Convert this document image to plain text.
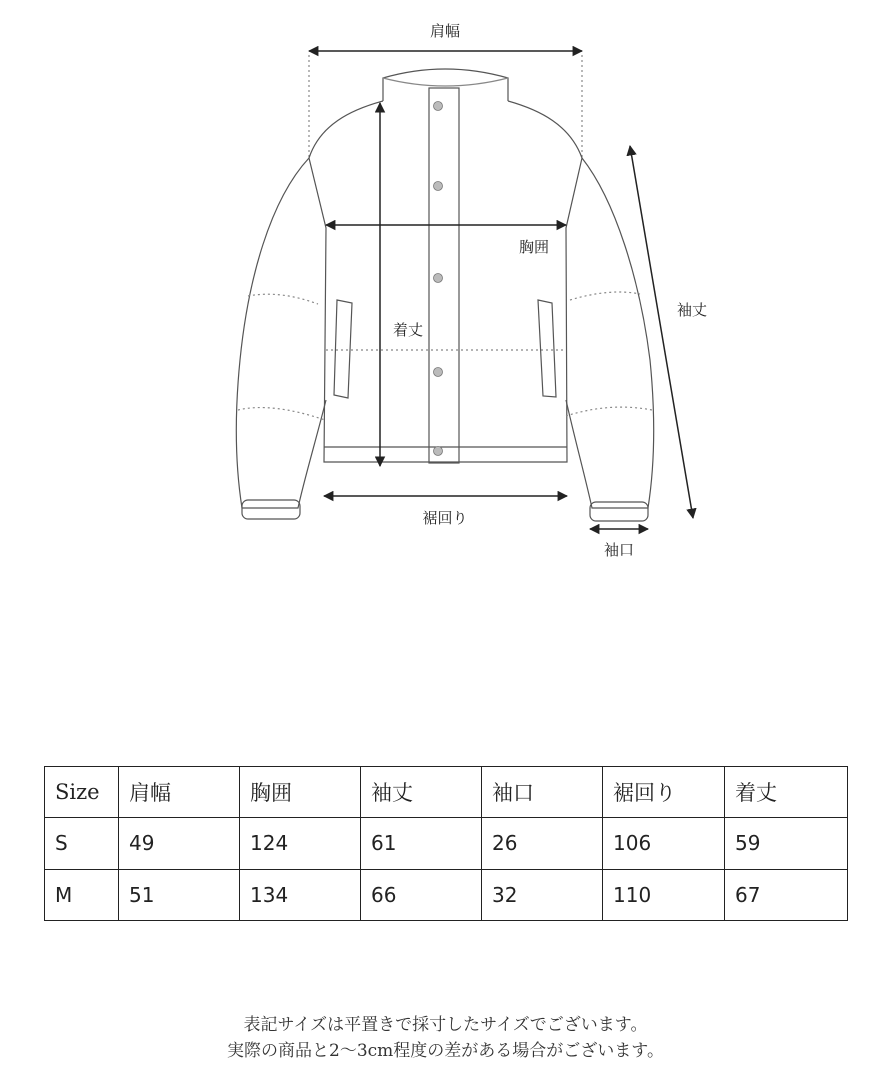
肩幅
胸囲
着丈
袖丈
裾回り
袖口
Size	肩幅	胸囲	袖丈	袖口	裾回り	着丈
S	49	124	61	26	106	59
M	51	134	66	32	110	67
表記サイズは平置きで採寸したサイズでございます。
実際の商品と2〜3cm程度の差がある場合がございます。
